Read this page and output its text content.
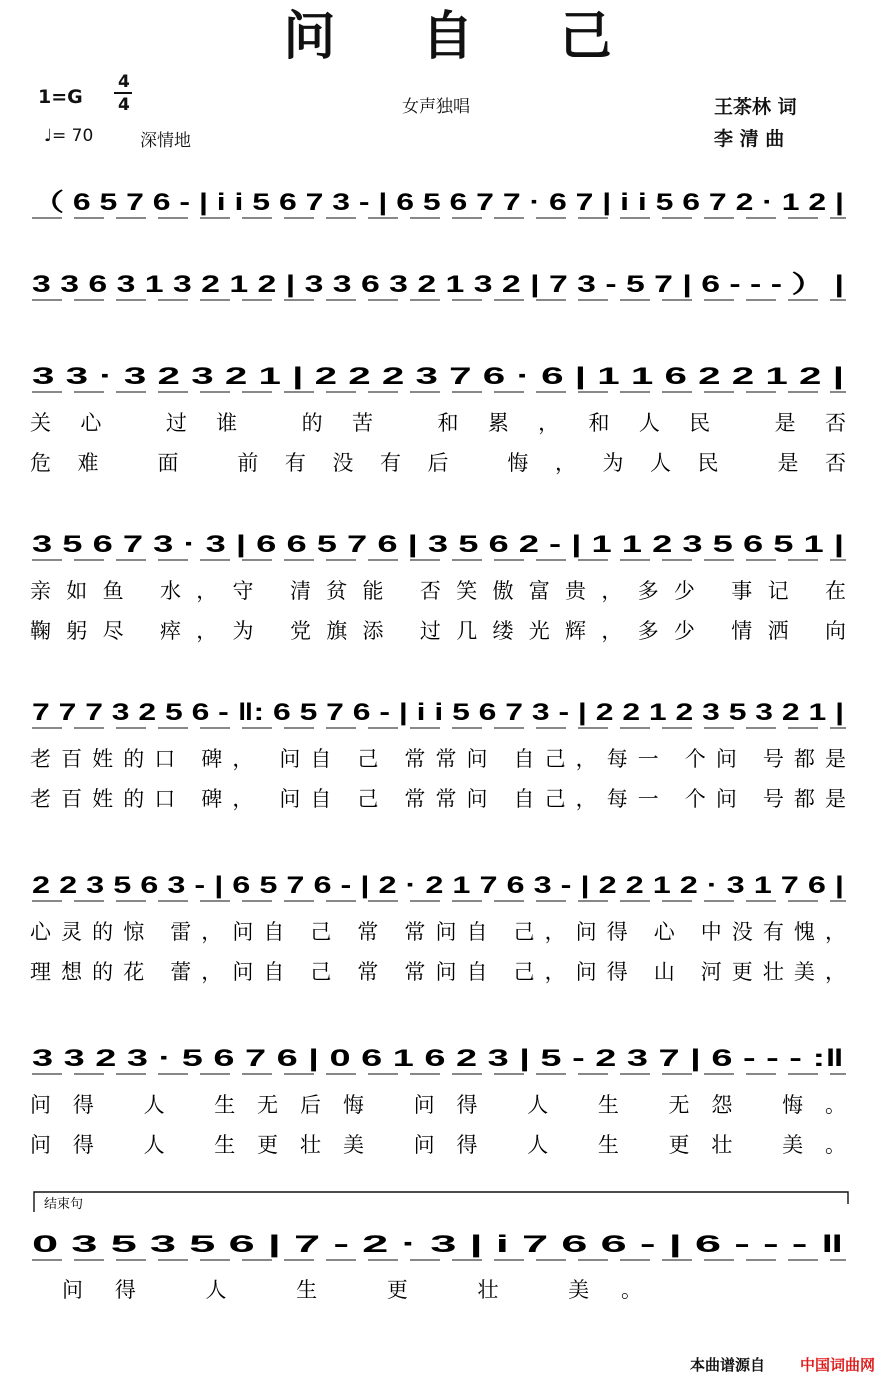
问 自 己
1=G
4
4
♩= 70	深情地
女声独唱	王茶林 词
李 清 曲
（ 6 5 7 6 - | i i 5 6 7 3 - | 6 5 6 7 7 · 6 7 | i i 5 6 7 2 · 1 2 |
3 3 6 3 1 3 2 1 2 | 3 3 6 3 2 1 3 2 | 7 3 - 5 7 | 6 - - - ） |
3 3 · 3 2 3 2 1 | 2 2 2 3 7 6 · 6 | 1 1 6 2 2 1 2 |
关心 过谁 的苦 和累，和人民 是否
危难 面 前有没有后 悔，为人民 是否
3 5 6 7 3 · 3 | 6 6 5 7 6 | 3 5 6 2 - | 1 1 2 3 5 6 5 1 |
亲如鱼 水，守 清贫能 否笑傲富贵，多少 事记 在
鞠躬尽 瘁，为 党旗添 过几缕光辉，多少 情洒 向
7 7 7 3 2 5 6 - ‖: 6 5 7 6 - | i i 5 6 7 3 - | 2 2 1 2 3 5 3 2 1 |
老百姓的口 碑， 问自 己 常常问 自己，每一 个问 号都是
老百姓的口 碑， 问自 己 常常问 自己，每一 个问 号都是
2 2 3 5 6 3 - | 6 5 7 6 - | 2 · 2 1 7 6 3 - | 2 2 1 2 · 3 1 7 6 |
心灵的惊 雷，问自 己 常 常问自 己，问得 心 中没有愧，
理想的花 蕾，问自 己 常 常问自 己，问得 山 河更壮美，
3 3 2 3 · 5 6 7 6 | 0 6 1 6 2 3 | 5 - 2 3 7 | 6 - - - :‖
问得 人 生无后悔 问得 人 生 无怨 悔。
问得 人 生更壮美 问得 人 生 更壮 美。
0 3 5 3 5 6 | 7 - 2 · 3 | i 7 6 6 - | 6 - - - ‖
问得 人 生 更 壮 美。
结束句
本曲谱源自 中国词曲网
